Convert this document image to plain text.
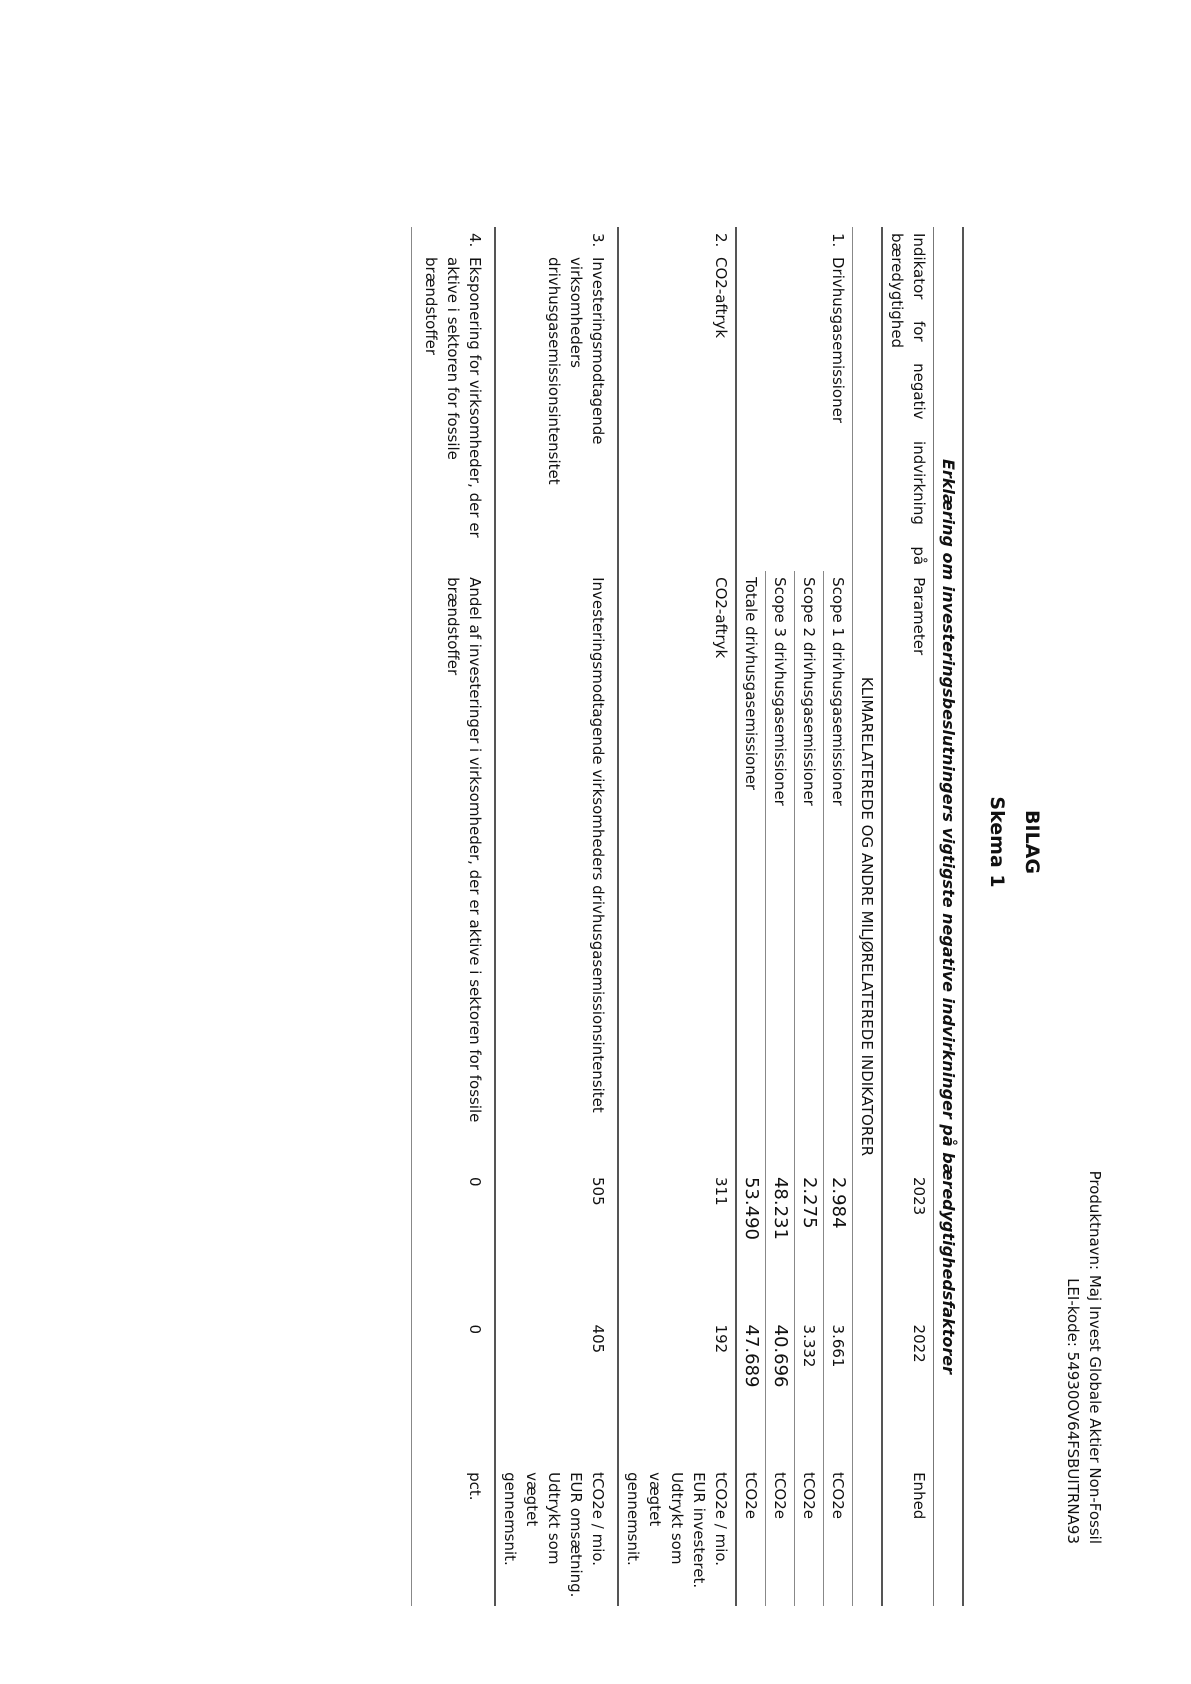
Produktnavn: Maj Invest Globale Aktier Non-Fossil
LEI-kode: 54930OV64FSBUITRNA93
BILAG
Skema 1
Erklæring om investeringsbeslutningers vigtigste negative indvirkninger på bæredygtighedsfaktorer				
Indikator for negativ indvirkning på bæredygtighed	Parameter	2023	2022	Enhed
KLIMARELATEREDE OG ANDRE MILJØRELATEREDE INDIKATORER				
1.Drivhusgasemissioner	Scope 1 drivhusgasemissioner	2.984	3.661	tCO2e
	Scope 2 drivhusgasemissioner	2.275	3.332	tCO2e
	Scope 3 drivhusgasemissioner	48.231	40.696	tCO2e
	Totale drivhusgasemissioner	53.490	47.689	tCO2e
2.CO2-aftryk	CO2-aftryk	311	192	tCO2e / mio. EUR investeret. Udtrykt som vægtet gennemsnit.
3.Investeringsmodtagende virksomheders drivhusgasemissionsintensitet	Investeringsmodtagende virksomheders drivhusgasemissionsintensitet	505	405	tCO2e / mio. EUR omsætning. Udtrykt som vægtet gennemsnit.
4.Eksponering for virksomheder, der er aktive i sektoren for fossile brændstoffer	Andel af investeringer i virksomheder, der er aktive i sektoren for fossile brændstoffer	0	0	pct.
